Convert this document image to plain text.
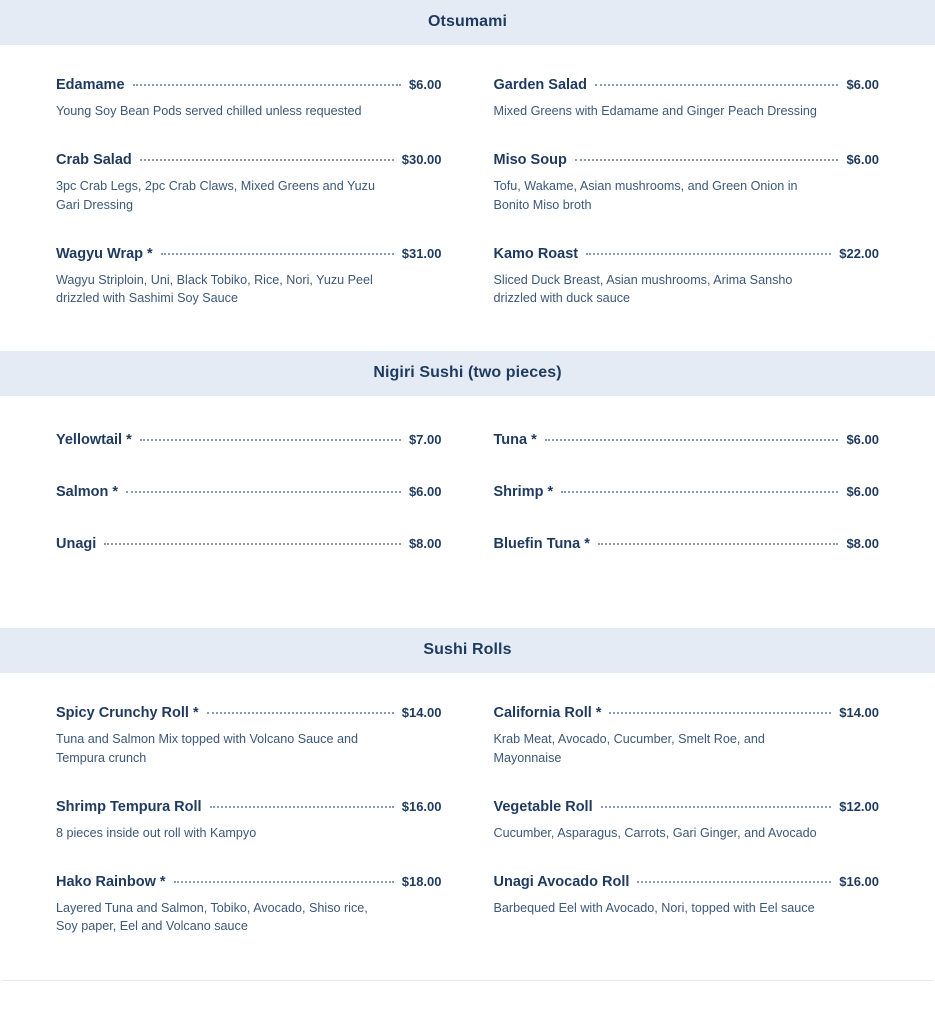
Otsumami
Edamame	$6.00
Young Soy Bean Pods served chilled unless requested
Crab Salad	$30.00
3pc Crab Legs, 2pc Crab Claws, Mixed Greens and Yuzu Gari Dressing
Wagyu Wrap *	$31.00
Wagyu Striploin, Uni, Black Tobiko, Rice, Nori, Yuzu Peel drizzled with Sashimi Soy Sauce
Garden Salad	$6.00
Mixed Greens with Edamame and Ginger Peach Dressing
Miso Soup	$6.00
Tofu, Wakame, Asian mushrooms, and Green Onion in Bonito Miso broth
Kamo Roast	$22.00
Sliced Duck Breast, Asian mushrooms, Arima Sansho drizzled with duck sauce
Nigiri Sushi (two pieces)
Yellowtail *	$7.00
Salmon *	$6.00
Unagi	$8.00
Tuna *	$6.00
Shrimp *	$6.00
Bluefin Tuna *	$8.00
Sushi Rolls
Spicy Crunchy Roll *	$14.00
Tuna and Salmon Mix topped with Volcano Sauce and Tempura crunch
Shrimp Tempura Roll	$16.00
8 pieces inside out roll with Kampyo
Hako Rainbow *	$18.00
Layered Tuna and Salmon, Tobiko, Avocado, Shiso rice, Soy paper, Eel and Volcano sauce
California Roll *	$14.00
Krab Meat, Avocado, Cucumber, Smelt Roe, and Mayonnaise
Vegetable Roll	$12.00
Cucumber, Asparagus, Carrots, Gari Ginger, and Avocado
Unagi Avocado Roll	$16.00
Barbequed Eel with Avocado, Nori, topped with Eel sauce
